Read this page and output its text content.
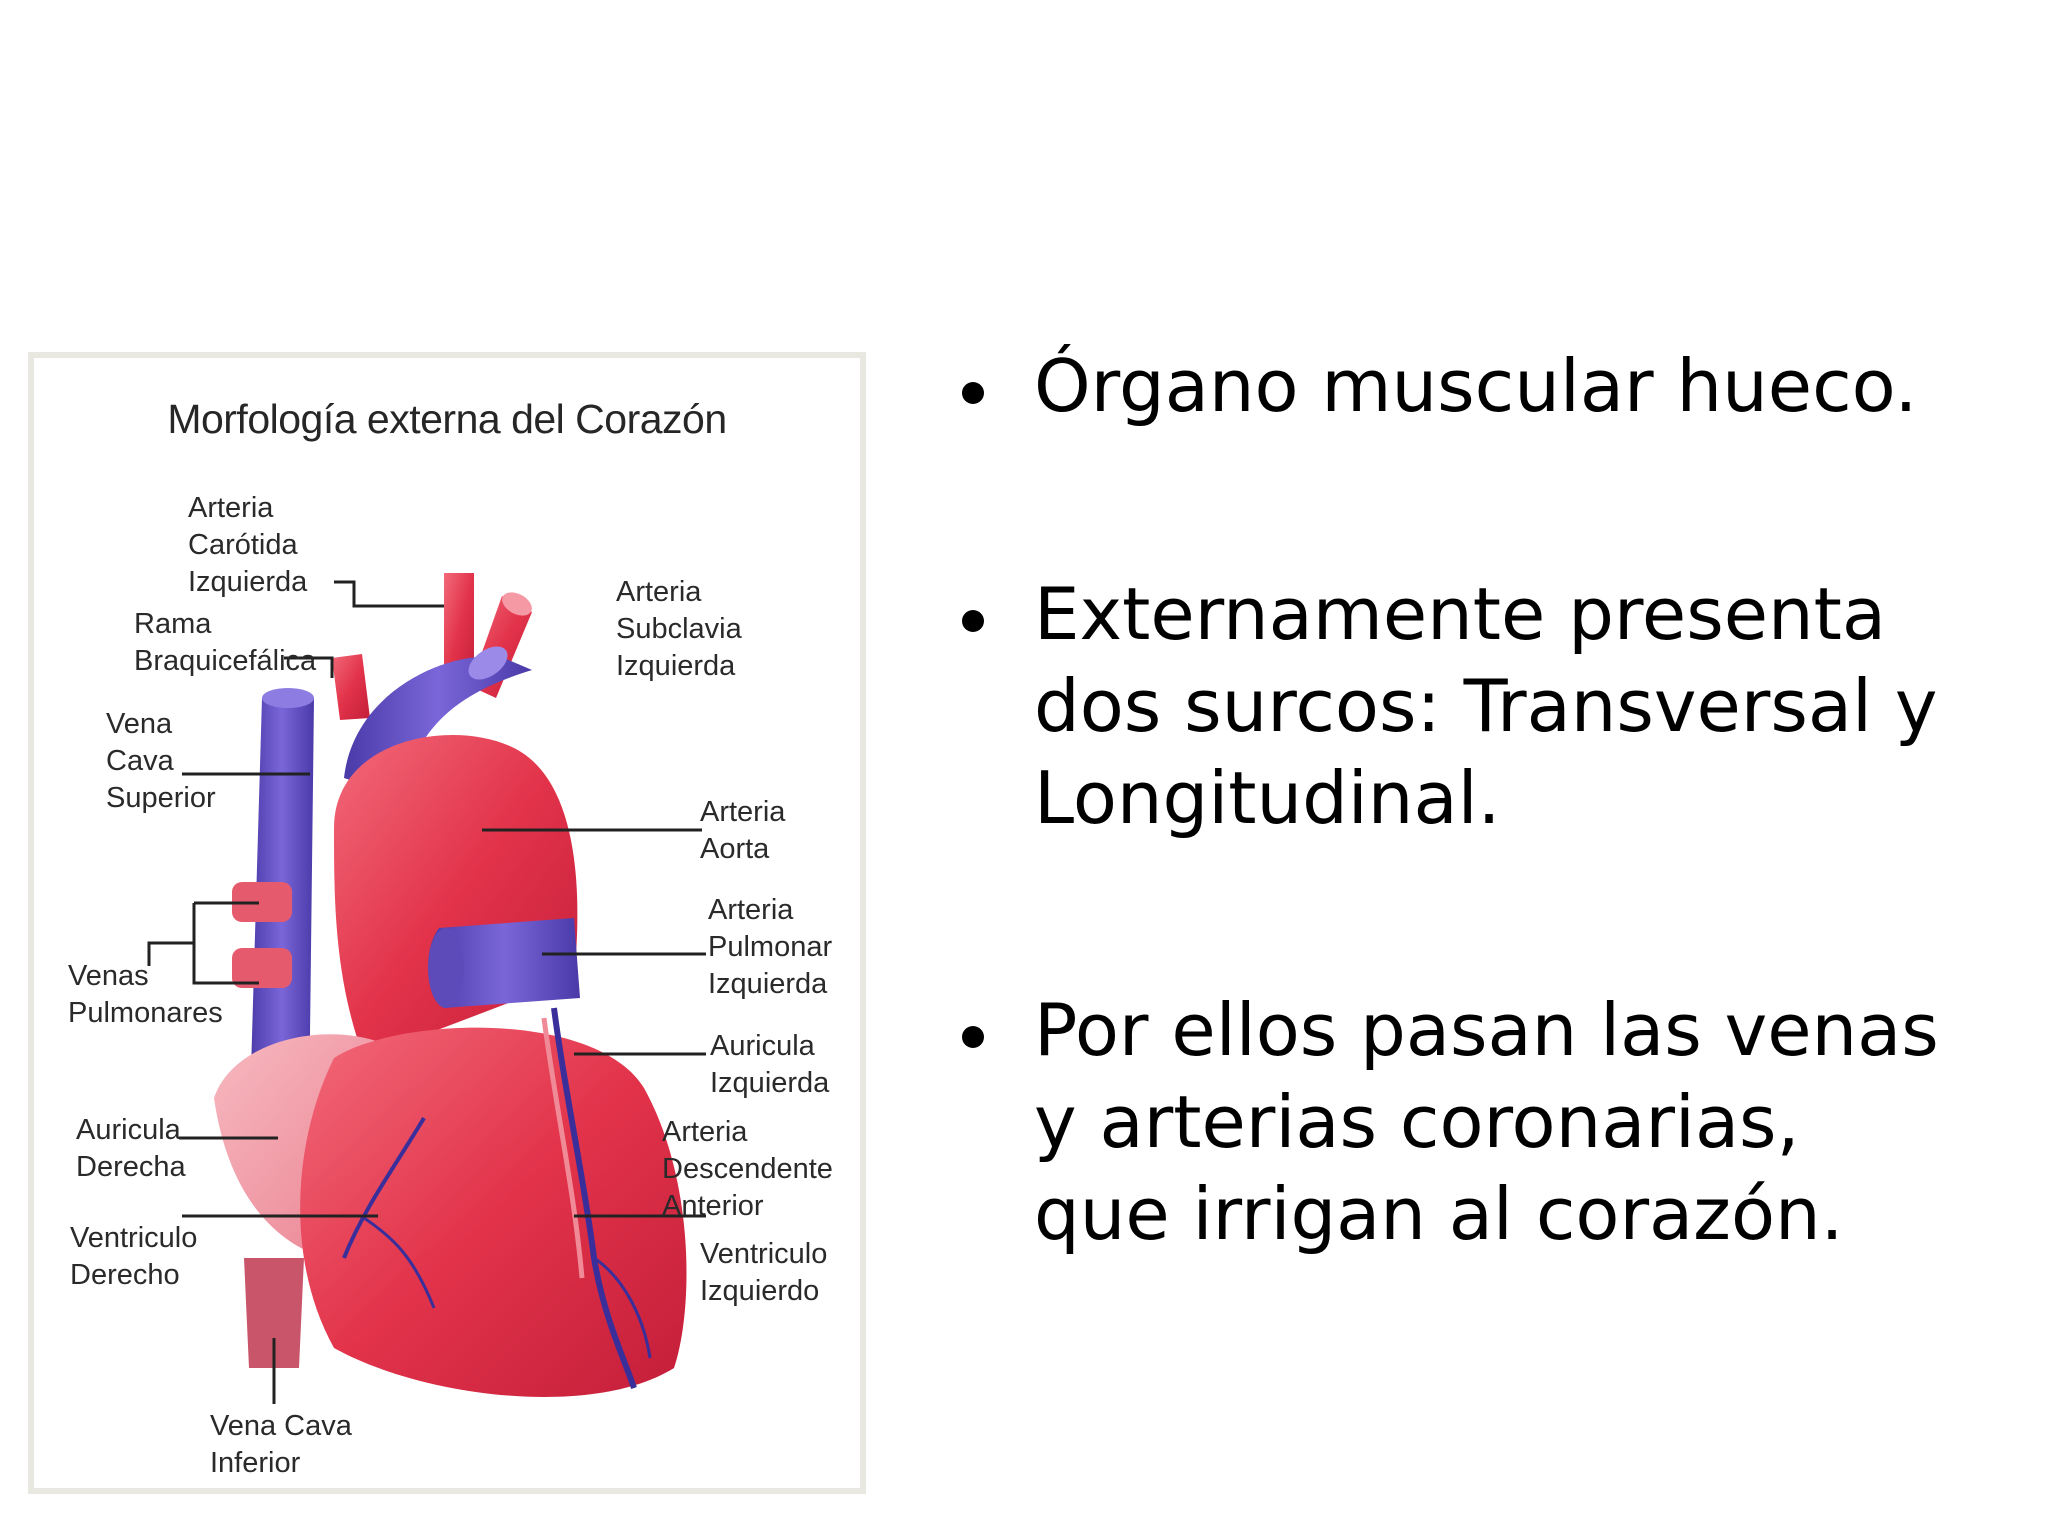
Morfología externa del Corazón
Arteria
Carótida
Izquierda
Rama
Braquicefálica
Vena
Cava
Superior
Venas
Pulmonares
Auricula
Derecha
Ventriculo
Derecho
Vena Cava
Inferior
Arteria
Subclavia
Izquierda
Arteria
Aorta
Arteria
Pulmonar
Izquierda
Auricula
Izquierda
Arteria
Descendente
Anterior
Ventriculo
Izquierdo
Órgano muscular hueco.
Externamente presenta
dos surcos: Transversal y
Longitudinal.
Por ellos pasan las venas
y arterias coronarias,
que irrigan al corazón.
